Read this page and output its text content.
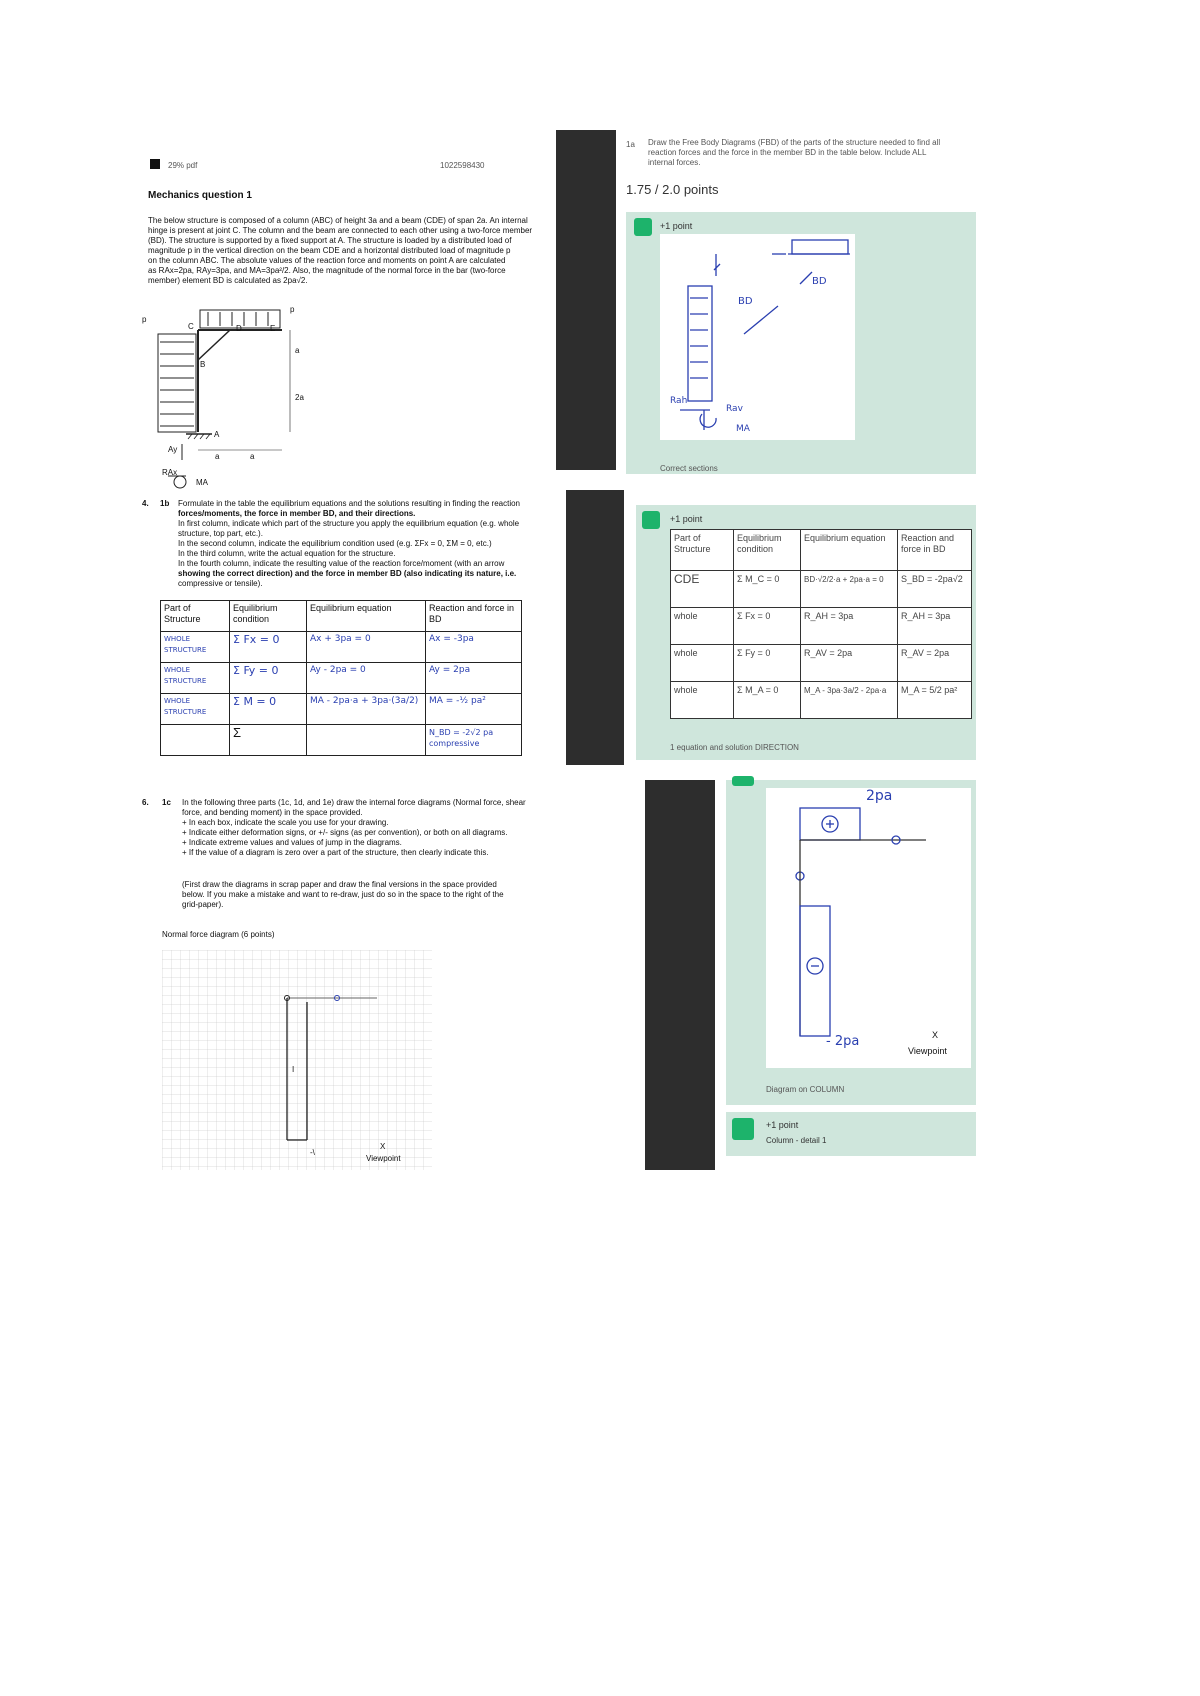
29% pdf	1022598430
Mechanics question 1
The below structure is composed of a column (ABC) of height 3a and a beam (CDE) of span 2a. An internal
hinge is present at joint C. The column and the beam are connected to each other using a two-force member
(BD). The structure is supported by a fixed support at A. The structure is loaded by a distributed load of
magnitude p in the vertical direction on the beam CDE and a horizontal distributed load of magnitude p
on the column ABC. The absolute values of the reaction force and moments on point A are calculated
as RAx=2pa, RAy=3pa, and MA=3pa²/2. Also, the magnitude of the normal force in the bar (two-force
member) element BD is calculated as 2pa√2.
p
p
C	D	E
B
A
a
2a
a	a
Ay
RAx
MA
1a Draw the Free Body Diagrams (FBD) of the parts of the structure needed to find all
reaction forces and the force in the member BD in the table below. Include ALL
internal forces.
1.75 / 2.0 points
+1 point
BD
BD
Rah
Rav
MA
Correct sections
4. 1b Formulate in the table the equilibrium equations and the solutions resulting in finding the reaction
forces/moments, the force in member BD, and their directions.
In first column, indicate which part of the structure you apply the equilibrium equation (e.g. whole
structure, top part, etc.).
In the second column, indicate the equilibrium condition used (e.g. ΣFx = 0, ΣM = 0, etc.)
In the third column, write the actual equation for the structure.
In the fourth column, indicate the resulting value of the reaction force/moment (with an arrow
showing the correct direction) and the force in member BD (also indicating its nature, i.e.
compressive or tensile).
Part of Structure	Equilibrium condition	Equilibrium equation	Reaction and force in BD
WHOLE STRUCTURE	Σ Fx = 0	Ax + 3pa = 0	Ax = -3pa
WHOLE STRUCTURE	Σ Fy = 0	Ay - 2pa = 0	Ay = 2pa
WHOLE STRUCTURE	Σ M = 0	MA - 2pa·a + 3pa·(3a/2)	MA = -½ pa²
	Σ		N_BD = -2√2 pa compressive
+1 point
Part of Structure	Equilibrium condition	Equilibrium equation	Reaction and force in BD
CDE	Σ M_C = 0	BD·√2/2·a + 2pa·a = 0	S_BD = -2pa√2
whole	Σ Fx = 0	R_AH = 3pa	R_AH = 3pa
whole	Σ Fy = 0	R_AV = 2pa	R_AV = 2pa
whole	Σ M_A = 0	M_A - 3pa·3a/2 - 2pa·a	M_A = 5/2 pa²
1 equation and solution DIRECTION
6. 1c In the following three parts (1c, 1d, and 1e) draw the internal force diagrams (Normal force, shear
force, and bending moment) in the space provided.
+ In each box, indicate the scale you use for your drawing.
+ Indicate either deformation signs, or +/- signs (as per convention), or both on all diagrams.
+ Indicate extreme values and values of jump in the diagrams.
+ If the value of a diagram is zero over a part of the structure, then clearly indicate this.
(First draw the diagrams in scrap paper and draw the final versions in the space provided
below. If you make a mistake and want to re-draw, just do so in the space to the right of the
grid-paper).
Normal force diagram (6 points)
I
-\
X
Viewpoint
2pa
- 2pa	X
Viewpoint
Diagram on COLUMN
+1 point
Column - detail 1
